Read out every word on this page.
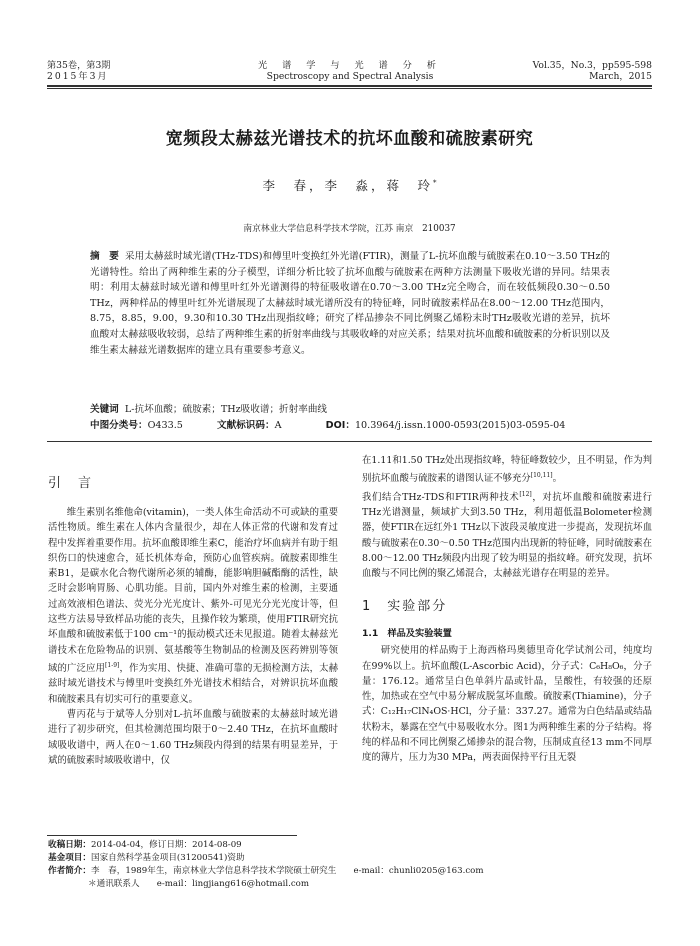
第35卷，第3期
2015年3月
光 谱 学 与 光 谱 分 析
Spectroscopy and Spectral Analysis
Vol.35，No.3，pp595-598
March，2015
宽频段太赫兹光谱技术的抗坏血酸和硫胺素研究
李　春，李　淼，蒋　玲*
南京林业大学信息科学技术学院，江苏 南京　210037
摘　要 采用太赫兹时域光谱(THz-TDS)和傅里叶变换红外光谱(FTIR)，测量了L-抗坏血酸与硫胺素在0.10～3.50 THz的光谱特性。给出了两种维生素的分子模型，详细分析比较了抗坏血酸与硫胺素在两种方法测量下吸收光谱的异同。结果表明：利用太赫兹时域光谱和傅里叶红外光谱测得的特征吸收谱在0.70～3.00 THz完全吻合，而在较低频段0.30～0.50 THz，两种样品的傅里叶红外光谱展现了太赫兹时域光谱所没有的特征峰，同时硫胺素样品在8.00～12.00 THz范围内，8.75，8.85，9.00，9.30和10.30 THz出现指纹峰；研究了样品掺杂不同比例聚乙烯粉末时THz吸收光谱的差异，抗坏血酸对太赫兹吸收较弱，总结了两种维生素的折射率曲线与其吸收峰的对应关系；结果对抗坏血酸和硫胺素的分析识别以及维生素太赫兹光谱数据库的建立具有重要参考意义。
关键词 L-抗坏血酸；硫胺素；THz吸收谱；折射率曲线
中图分类号：O433.5	文献标识码：A	DOI：10.3964/j.issn.1000-0593(2015)03-0595-04
引　言

维生素别名维他命(vitamin)，一类人体生命活动不可或缺的重要活性物质。维生素在人体内含量很少，却在人体正常的代谢和发育过程中发挥着重要作用。抗坏血酸即维生素C，能治疗坏血病并有助于组织伤口的快速愈合，延长机体寿命，预防心血管疾病。硫胺素即维生素B1，是碳水化合物代谢所必须的辅酶，能影响胆碱酯酶的活性，缺乏时会影响胃肠、心肌功能。目前，国内外对维生素的检测，主要通过高效液相色谱法、荧光分光光度计、紫外-可见光分光光度计等，但这些方法易导致样品功能的丧失，且操作较为繁琐，使用FTIR研究抗坏血酸和硫胺素低于100 cm⁻¹的振动模式还未见报道。随着太赫兹光谱技术在危险物品的识别、氨基酸等生物制品的检测及医药辨别等领域的广泛应用[1-9]，作为实用、快捷、准确可靠的无损检测方法，太赫兹时域光谱技术与傅里叶变换红外光谱技术相结合，对辨识抗坏血酸和硫胺素具有切实可行的重要意义。

曹丙花与于斌等人分别对L-抗坏血酸与硫胺素的太赫兹时域光谱进行了初步研究，但其检测范围均限于0～2.40 THz，在抗坏血酸时域吸收谱中，两人在0～1.60 THz频段内得到的结果有明显差异，于斌的硫胺素时域吸收谱中，仅

在1.11和1.50 THz处出现指纹峰，特征峰数较少，且不明显，作为判别抗坏血酸与硫胺素的谱图认证不够充分[10,11]。

我们结合THz-TDS和FTIR两种技术[12]，对抗坏血酸和硫胺素进行THz光谱测量，频域扩大到3.50 THz，利用超低温Bolometer检测器，使FTIR在远红外1 THz以下波段灵敏度进一步提高，发现抗坏血酸与硫胺素在0.30～0.50 THz范围内出现新的特征峰，同时硫胺素在8.00～12.00 THz频段内出现了较为明显的指纹峰。研究发现，抗坏血酸与不同比例的聚乙烯混合，太赫兹光谱存在明显的差异。

1　实验部分
1.1　样品及实验装置

研究使用的样品购于上海西格玛奥德里奇化学试剂公司，纯度均在99%以上。抗坏血酸(L-Ascorbic Acid)，分子式：C₆H₈O₆，分子量：176.12。通常呈白色单斜片晶或针晶，呈酸性，有较强的还原性，加热或在空气中易分解成脱氢坏血酸。硫胺素(Thiamine)，分子式：C₁₂H₁₇ClN₄OS·HCl，分子量：337.27。通常为白色结晶或结晶状粉末，暴露在空气中易吸收水分。图1为两种维生素的分子结构。将纯的样品和不同比例聚乙烯掺杂的混合物，压制成直径13 mm不同厚度的薄片，压力为30 MPa，两表面保持平行且无裂

收稿日期：2014-04-04，修订日期：2014-08-09
基金项目：国家自然科学基金项目(31200541)资助
作者简介：李　春，1989年生，南京林业大学信息科学技术学院硕士研究生　　e-mail：chunli0205@163.com
＊通讯联系人　　e-mail：lingjiang616@hotmail.com
